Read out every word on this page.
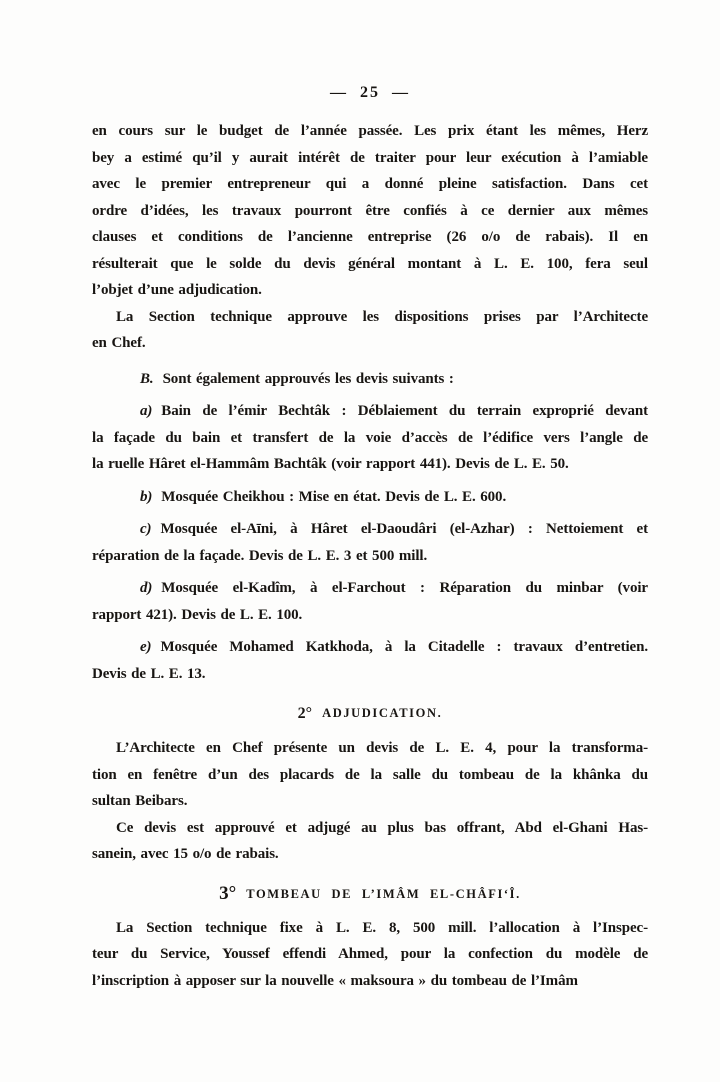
— 25 —
en cours sur le budget de l’année passée. Les prix étant les mêmes, Herz
bey a estimé qu’il y aurait intérêt de traiter pour leur exécution à l’amiable
avec le premier entrepreneur qui a donné pleine satisfaction. Dans cet
ordre d’idées, les travaux pourront être confiés à ce dernier aux mêmes
clauses et conditions de l’ancienne entreprise (26 o/o de rabais). Il en
résulterait que le solde du devis général montant à L. E. 100, fera seul
l’objet d’une adjudication.
La Section technique approuve les dispositions prises par l’Architecte
en Chef.
B. Sont également approuvés les devis suivants :
a) Bain de l’émir Bechtâk : Déblaiement du terrain exproprié devant
la façade du bain et transfert de la voie d’accès de l’édifice vers l’angle de
la ruelle Hâret el-Hammâm Bachtâk (voir rapport 441). Devis de L. E. 50.
b) Mosquée Cheikhou : Mise en état. Devis de L. E. 600.
c) Mosquée el-Aīni, à Hâret el-Daoudâri (el-Azhar) : Nettoiement et
réparation de la façade. Devis de L. E. 3 et 500 mill.
d) Mosquée el-Kadîm, à el-Farchout : Réparation du minbar (voir
rapport 421). Devis de L. E. 100.
e) Mosquée Mohamed Katkhoda, à la Citadelle : travaux d’entretien.
Devis de L. E. 13.
2° ADJUDICATION.
L’Architecte en Chef présente un devis de L. E. 4, pour la transforma-
tion en fenêtre d’un des placards de la salle du tombeau de la khânka du
sultan Beibars.
Ce devis est approuvé et adjugé au plus bas offrant, Abd el-Ghani Has-
sanein, avec 15 o/o de rabais.
3° TOMBEAU DE L’IMÂM EL-CHÂFI‘Î.
La Section technique fixe à L. E. 8, 500 mill. l’allocation à l’Inspec-
teur du Service, Youssef effendi Ahmed, pour la confection du modèle de
l’inscription à apposer sur la nouvelle « maksoura » du tombeau de l’Imâm
